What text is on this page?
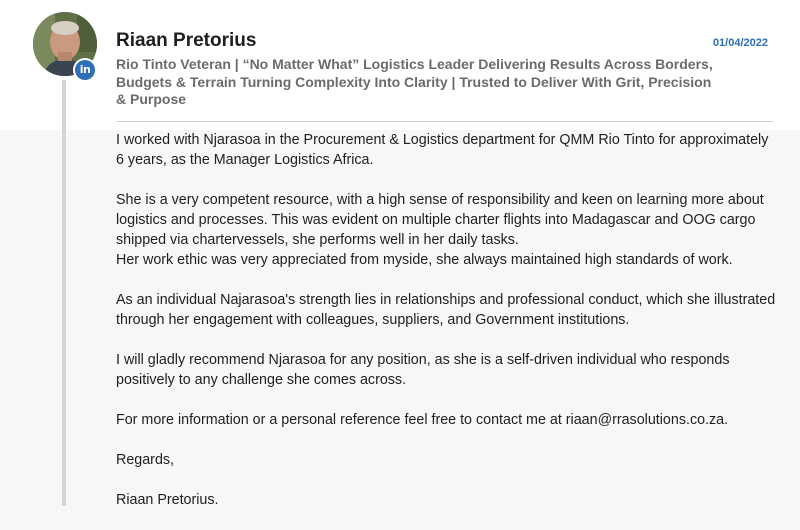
in
Riaan Pretorius	01/04/2022
Rio Tinto Veteran | “No Matter What” Logistics Leader Delivering Results Across Borders, Budgets & Terrain Turning Complexity Into Clarity | Trusted to Deliver With Grit, Precision & Purpose

I worked with Njarasoa in the Procurement & Logistics department for QMM Rio Tinto for approximately 6 years, as the Manager Logistics Africa.

She is a very competent resource, with a high sense of responsibility and keen on learning more about logistics and processes. This was evident on multiple charter flights into Madagascar and OOG cargo shipped via chartervessels, she performs well in her daily tasks.

Her work ethic was very appreciated from myside, she always maintained high standards of work.

As an individual Najarasoa's strength lies in relationships and professional conduct, which she illustrated through her engagement with colleagues, suppliers, and Government institutions.

I will gladly recommend Njarasoa for any position, as she is a self-driven individual who responds positively to any challenge she comes across.

For more information or a personal reference feel free to contact me at riaan@rrasolutions.co.za.

Regards,

Riaan Pretorius.
